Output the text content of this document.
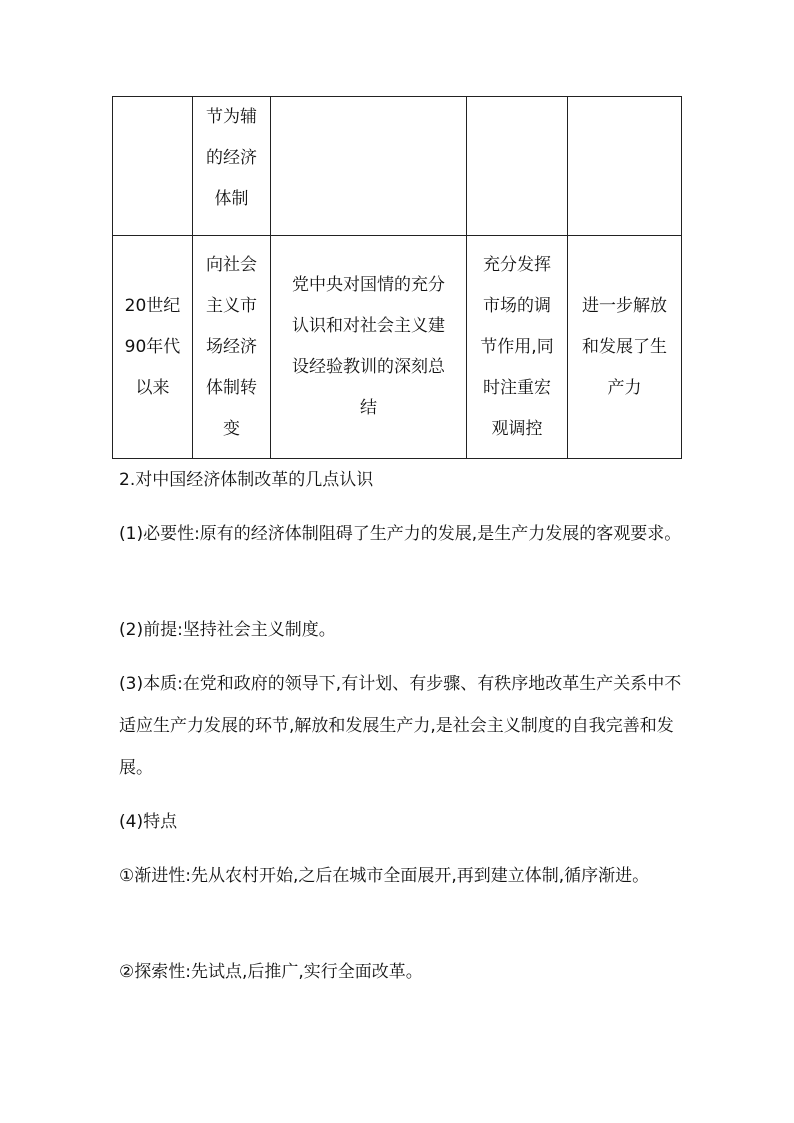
	节为辅
的经济
体制			

20世纪
90年代
以来	向社会
主义市
场经济
体制转
变	党中央对国情的充分
认识和对社会主义建
设经验教训的深刻总
结	充分发挥
市场的调
节作用,同
时注重宏
观调控	进一步解放
和发展了生
产力

2.对中国经济体制改革的几点认识

(1)必要性:原有的经济体制阻碍了生产力的发展,是生产力发展的客观要求。

(2)前提:坚持社会主义制度。

(3)本质:在党和政府的领导下,有计划、有步骤、有秩序地改革生产关系中不适应生产力发展的环节,解放和发展生产力,是社会主义制度的自我完善和发展。

(4)特点

①渐进性:先从农村开始,之后在城市全面展开,再到建立体制,循序渐进。

②探索性:先试点,后推广,实行全面改革。
